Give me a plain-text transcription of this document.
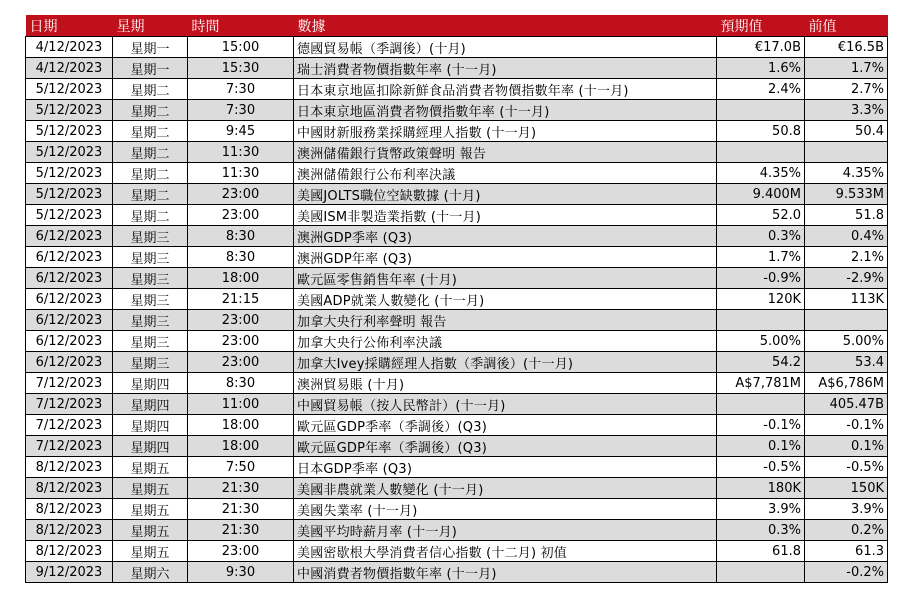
日期	星期	時間	數據	預期值	前值
4/12/2023	星期一	15:00	德國貿易帳（季調後）(十月)	€17.0B	€16.5B
4/12/2023	星期一	15:30	瑞士消費者物價指數年率 (十一月)	1.6%	1.7%
5/12/2023	星期二	7:30	日本東京地區扣除新鮮食品消費者物價指數年率 (十一月)	2.4%	2.7%
5/12/2023	星期二	7:30	日本東京地區消費者物價指數年率 (十一月)		3.3%
5/12/2023	星期二	9:45	中國財新服務業採購經理人指數 (十一月)	50.8	50.4
5/12/2023	星期二	11:30	澳洲儲備銀行貨幣政策聲明 報告		
5/12/2023	星期二	11:30	澳洲儲備銀行公布利率決議	4.35%	4.35%
5/12/2023	星期二	23:00	美國JOLTS職位空缺數據 (十月)	9.400M	9.533M
5/12/2023	星期二	23:00	美國ISM非製造業指數 (十一月)	52.0	51.8
6/12/2023	星期三	8:30	澳洲GDP季率 (Q3)	0.3%	0.4%
6/12/2023	星期三	8:30	澳洲GDP年率 (Q3)	1.7%	2.1%
6/12/2023	星期三	18:00	歐元區零售銷售年率 (十月)	-0.9%	-2.9%
6/12/2023	星期三	21:15	美國ADP就業人數變化 (十一月)	120K	113K
6/12/2023	星期三	23:00	加拿大央行利率聲明 報告		
6/12/2023	星期三	23:00	加拿大央行公佈利率決議	5.00%	5.00%
6/12/2023	星期三	23:00	加拿大Ivey採購經理人指數（季調後）(十一月)	54.2	53.4
7/12/2023	星期四	8:30	澳洲貿易賬 (十月)	A$7,781M	A$6,786M
7/12/2023	星期四	11:00	中國貿易帳（按人民幣計）(十一月)		405.47B
7/12/2023	星期四	18:00	歐元區GDP季率（季調後）(Q3)	-0.1%	-0.1%
7/12/2023	星期四	18:00	歐元區GDP年率（季調後）(Q3)	0.1%	0.1%
8/12/2023	星期五	7:50	日本GDP季率 (Q3)	-0.5%	-0.5%
8/12/2023	星期五	21:30	美國非農就業人數變化 (十一月)	180K	150K
8/12/2023	星期五	21:30	美國失業率 (十一月)	3.9%	3.9%
8/12/2023	星期五	21:30	美國平均時薪月率 (十一月)	0.3%	0.2%
8/12/2023	星期五	23:00	美國密歇根大學消費者信心指數 (十二月) 初值	61.8	61.3
9/12/2023	星期六	9:30	中國消費者物價指數年率 (十一月)		-0.2%
